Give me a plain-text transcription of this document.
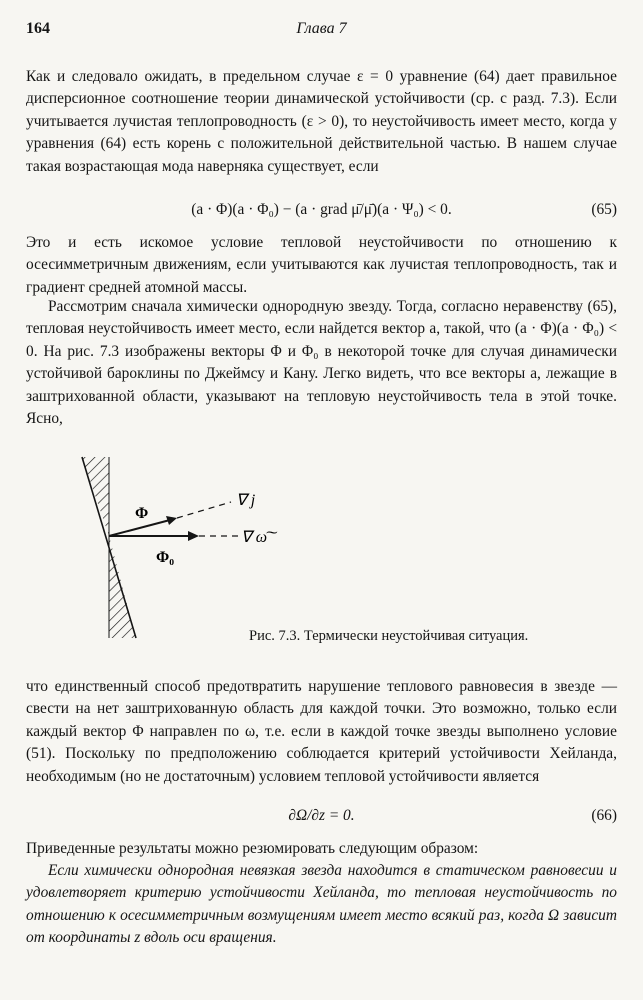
164	Глава 7

Как и следовало ожидать, в предельном случае ε = 0 уравнение (64) дает правильное дисперсионное соотношение теории динамической устойчивости (ср. с разд. 7.3). Если учитывается лучистая теплопроводность (ε > 0), то неустойчивость имеет место, когда у уравнения (64) есть корень с положительной действительной частью. В нашем случае такая возрастающая мода наверняка существует, если

(a · Φ)(a · Φ₀) − (a · grad μ̄/μ̄)(a · Ψ₀) < 0.	(65)

Это и есть искомое условие тепловой неустойчивости по отношению к осесимметричным движениям, если учитываются как лучистая теплопроводность, так и градиент средней атомной массы.

Рассмотрим сначала химически однородную звезду. Тогда, согласно неравенству (65), тепловая неустойчивость имеет место, если найдется вектор a, такой, что (a · Φ)(a · Φ₀) < 0. На рис. 7.3 изображены векторы Φ и Φ₀ в некоторой точке для случая динамически устойчивой бароклины по Джеймсу и Кану. Легко видеть, что все векторы a, лежащие в заштрихованной области, указывают на тепловую неустойчивость тела в этой точке. Ясно,

Φ
Φ₀
∇ j
∇ ω͠
Рис. 7.3. Термически неустойчивая ситуация.

что единственный способ предотвратить нарушение теплового равновесия в звезде — свести на нет заштрихованную область для каждой точки. Это возможно, только если каждый вектор Φ направлен по ω, т.е. если в каждой точке звезды выполнено условие (51). Поскольку по предположению соблюдается критерий устойчивости Хейланда, необходимым (но не достаточным) условием тепловой устойчивости является

∂Ω/∂z = 0.	(66)

Приведенные результаты можно резюмировать следующим образом:

Если химически однородная невязкая звезда находится в статическом равновесии и удовлетворяет критерию устойчивости Хейланда, то тепловая неустойчивость по отношению к осесимметричным возмущениям имеет место всякий раз, когда Ω зависит от координаты z вдоль оси вращения.
